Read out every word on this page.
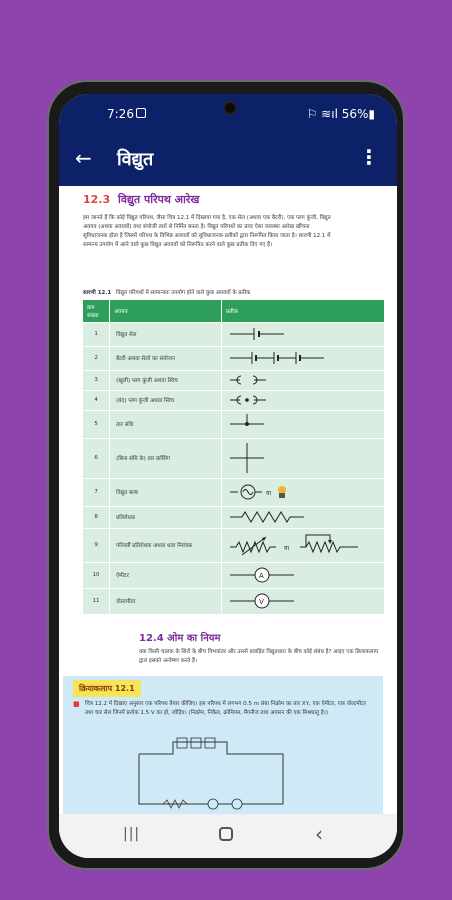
7:26	⚐ ≋ıl 56%▮
← विद्युत	⋮
12.3 विद्युत परिपथ आरेख
हम जानते हैं कि कोई विद्युत परिपथ, जैसा चित्र 12.1 में दिखाया गया है, एक सेल (अथवा एक बैटरी), एक प्लग कुंजी, विद्युत अवयव (अथवा अवयवों) तथा संयोजी तारों से निर्मित बनता है। विद्युत परिपथों का प्रायः ऐसा व्यवस्था आरेख खींचना सुविधाजनक होता है जिसमें परिपथ के विभिन्न अवयवों को सुविधाजनक प्रतीकों द्वारा निरूपित किया जाता है। सारणी 12.1 में सामान्य उपयोग में आने वाले कुछ विद्युत अवयवों को निरूपित करने वाले कुछ प्रतीक दिए गए हैं।
सारणी 12.1 विद्युत परिपथों में सामान्यतः उपयोग होने वाले कुछ अवयवों के प्रतीक
क्रम संख्या	अवयव	प्रतीक
1	विद्युत सेल	

2	बैटरी अथवा सेलों का संयोजन	

3	(खुली) प्लग कुंजी अथवा स्विच	

4	(बंद) प्लग कुंजी अथवा स्विच	

5	तार संधि	

6	(बिना संधि के) तार क्रॉसिंग	

7	विद्युत बल्ब	या

8	प्रतिरोधक	

9	परिवर्ती प्रतिरोधक अथवा धारा नियंत्रक	या

10	ऐमीटर	A

11	वोल्टमीटर	V
12.4 ओम का नियम
क्या किसी चालक के सिरों के बीच विभवांतर और उससे प्रवाहित विद्युतधारा के बीच कोई संबंध है? आइए एक क्रियाकलाप द्वारा इसको अन्वेषण करते हैं।
क्रियाकलाप 12.1
■ चित्र 12.2 में दिखाए अनुसार एक परिपथ तैयार कीजिए। इस परिपथ में लगभग 0.5 m लंबा निक्रोम का तार XY, एक ऐमीटर, एक वोल्टमीटर तथा चार सेल जिनमें प्रत्येक 1.5 V का हो, जोड़िए। (निक्रोम, निकैल, क्रोमियम, मैंगनीज तथा आयरन की एक मिश्रधातु है।)
|||	‹
